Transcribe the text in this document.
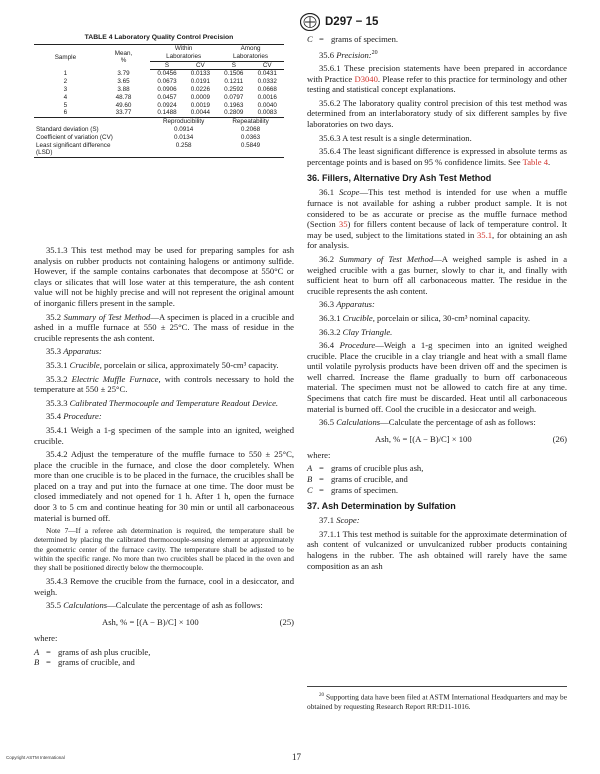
D297 − 15
TABLE 4 Laboratory Quality Control Precision
Sample	Mean,
%	Within		Among	
		Laboratories		Laboratories	
		S	CV	S	CV
1	3.79	0.0456	0.0133	0.1506	0.0431
2	3.65	0.0673	0.0191	0.1211	0.0332
3	3.88	0.0906	0.0226	0.2592	0.0668
4	48.78	0.0457	0.0009	0.0797	0.0016
5	49.60	0.0924	0.0019	0.1963	0.0040
6	33.77	0.1488	0.0044	0.2809	0.0083
		Reproducibility		Repeatability	
Standard deviation (S)		0.0914		0.2068	
Coefficient of variation (CV)		0.0134		0.0363	
Least significant difference		0.258		0.5849	
(LSD)					

35.1.3 This test method may be used for preparing samples for ash analysis on rubber products not containing halogens or antimony sulfide. However, if the sample contains carbonates that decompose at 550°C or clays or silicates that will lose water at this temperature, the ash content value will not be highly precise and will not represent the original amount of inorganic fillers present in the sample.

35.2 Summary of Test Method—A specimen is placed in a crucible and ashed in a muffle furnace at 550 ± 25°C. The mass of residue in the crucible represents the ash content.

35.3 Apparatus:

35.3.1 Crucible, porcelain or silica, approximately 50-cm³ capacity.

35.3.2 Electric Muffle Furnace, with controls necessary to hold the temperature at 550 ± 25°C.

35.3.3 Calibrated Thermocouple and Temperature Readout Device.

35.4 Procedure:

35.4.1 Weigh a 1-g specimen of the sample into an ignited, weighed crucible.

35.4.2 Adjust the temperature of the muffle furnace to 550 ± 25°C, place the crucible in the furnace, and close the door completely. When more than one crucible is to be placed in the furnace, the crucibles shall be placed on a tray and put into the furnace at one time. The door must be closed immediately and not opened for 1 h. After 1 h, open the furnace door 3 to 5 cm and continue heating for 30 min or until all carbonaceous material is burned off.

Note 7—If a referee ash determination is required, the temperature shall be determined by placing the calibrated thermocouple-sensing element at approximately the geometric center of the furnace cavity. The temperature shall be adjusted to be within the specific range. No more than two crucibles shall be placed in the oven and they shall be positioned directly below the thermocouple.

35.4.3 Remove the crucible from the furnace, cool in a desiccator, and weigh.

35.5 Calculations—Calculate the percentage of ash as follows:

Ash, % = [(A − B)/C] × 100	(25)

where:

A = grams of ash plus crucible,
B = grams of crucible, and
C = grams of specimen.

35.6 Precision:$^{20}$

35.6.1 These precision statements have been prepared in accordance with Practice D3040. Please refer to this practice for terminology and other testing and statistical concept explanations.

35.6.2 The laboratory quality control precision of this test method was determined from an interlaboratory study of six different samples by five laboratories on two days.

35.6.3 A test result is a single determination.

35.6.4 The least significant difference is expressed in absolute terms as percentage points and is based on 95 % confidence limits. See Table 4.

36. Fillers, Alternative Dry Ash Test Method

36.1 Scope—This test method is intended for use when a muffle furnace is not available for ashing a rubber product sample. It is not considered to be as accurate or precise as the muffle furnace method (Section 35) for fillers content because of lack of temperature control. It may be used, subject to the limitations stated in 35.1, for obtaining an ash for analysis.

36.2 Summary of Test Method—A weighed sample is ashed in a weighed crucible with a gas burner, slowly to char it, and finally with sufficient heat to burn off all carbonaceous matter. The residue in the crucible represents the ash content.

36.3 Apparatus:

36.3.1 Crucible, porcelain or silica, 30-cm³ nominal capacity.

36.3.2 Clay Triangle.

36.4 Procedure—Weigh a 1-g specimen into an ignited weighed crucible. Place the crucible in a clay triangle and heat with a small flame until volatile pyrolysis products have been driven off and the specimen is well charred. Increase the flame gradually to burn off carbonaceous material. The specimen must not be allowed to catch fire at any time. Specimens that catch fire must be discarded. Heat until all carbonaceous material is burned off. Cool the crucible in a desiccator and weigh.

36.5 Calculations—Calculate the percentage of ash as follows:

Ash, % = [(A − B)/C] × 100	(26)

where:

A = grams of crucible plus ash,
B = grams of crucible, and
C = grams of specimen.
37. Ash Determination by Sulfation

37.1 Scope:

37.1.1 This test method is suitable for the approximate determination of ash content of vulcanized or unvulcanized rubber products containing halogens in the rubber. The ash obtained will rarely have the same composition as an ash

$^{20}$ Supporting data have been filed at ASTM International Headquarters and may be obtained by requesting Research Report RR:D11-1016.

Copyright ASTM International	17
